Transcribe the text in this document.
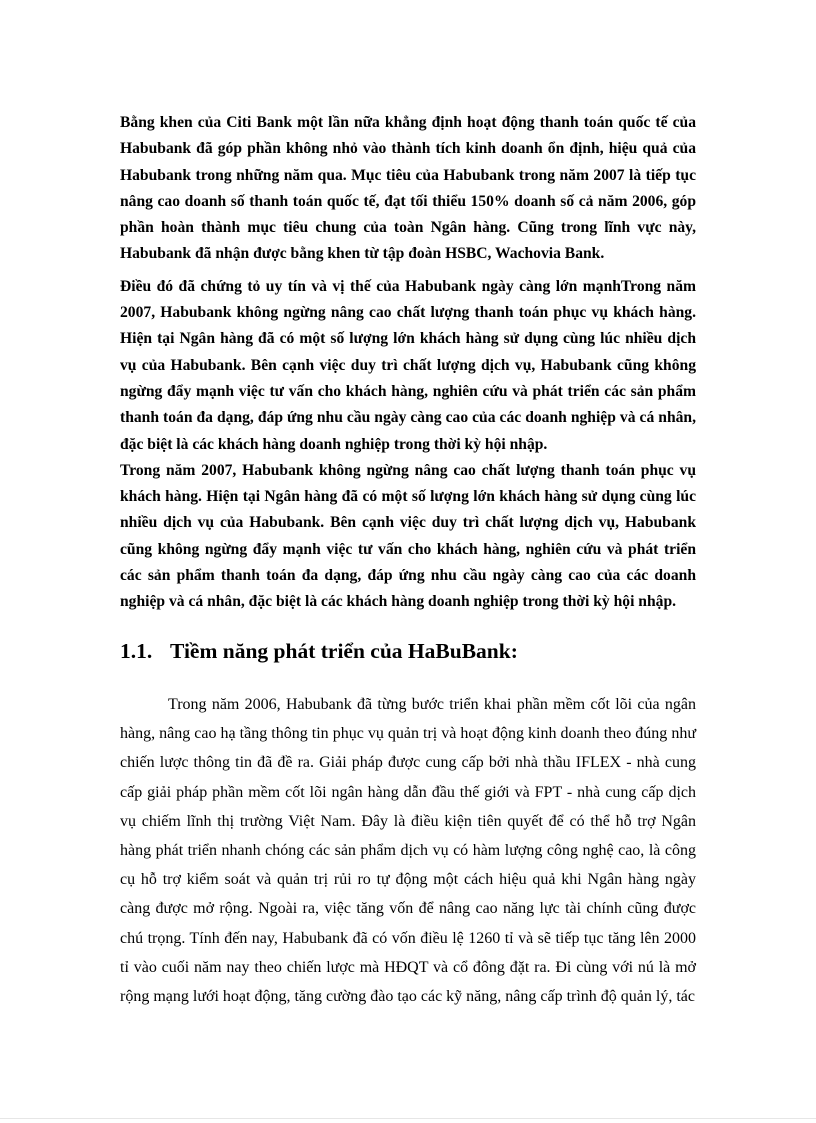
Bằng khen của Citi Bank một lần nữa khẳng định hoạt động thanh toán quốc tế của Habubank đã góp phần không nhỏ vào thành tích kinh doanh ổn định, hiệu quả của Habubank trong những năm qua. Mục tiêu của Habubank trong năm 2007 là tiếp tục nâng cao doanh số thanh toán quốc tế, đạt tối thiểu 150% doanh số cả năm 2006, góp phần hoàn thành mục tiêu chung của toàn Ngân hàng. Cũng trong lĩnh vực này, Habubank đã nhận được bằng khen từ tập đoàn HSBC, Wachovia Bank.

Điều đó đã chứng tỏ uy tín và vị thế của Habubank ngày càng lớn mạnhTrong năm 2007, Habubank không ngừng nâng cao chất lượng thanh toán phục vụ khách hàng. Hiện tại Ngân hàng đã có một số lượng lớn khách hàng sử dụng cùng lúc nhiều dịch vụ của Habubank. Bên cạnh việc duy trì chất lượng dịch vụ, Habubank cũng không ngừng đẩy mạnh việc tư vấn cho khách hàng, nghiên cứu và phát triển các sản phẩm thanh toán đa dạng, đáp ứng nhu cầu ngày càng cao của các doanh nghiệp và cá nhân, đặc biệt là các khách hàng doanh nghiệp trong thời kỳ hội nhập.

Trong năm 2007, Habubank không ngừng nâng cao chất lượng thanh toán phục vụ khách hàng. Hiện tại Ngân hàng đã có một số lượng lớn khách hàng sử dụng cùng lúc nhiều dịch vụ của Habubank. Bên cạnh việc duy trì chất lượng dịch vụ, Habubank cũng không ngừng đẩy mạnh việc tư vấn cho khách hàng, nghiên cứu và phát triển các sản phẩm thanh toán đa dạng, đáp ứng nhu cầu ngày càng cao của các doanh nghiệp và cá nhân, đặc biệt là các khách hàng doanh nghiệp trong thời kỳ hội nhập.

1.1. Tiềm năng phát triển của HaBuBank:

Trong năm 2006, Habubank đã từng bước triển khai phần mềm cốt lõi của ngân hàng, nâng cao hạ tầng thông tin phục vụ quản trị và hoạt động kinh doanh theo đúng như chiến lược thông tin đã đề ra. Giải pháp được cung cấp bởi nhà thầu IFLEX - nhà cung cấp giải pháp phần mềm cốt lõi ngân hàng dẫn đầu thế giới và FPT - nhà cung cấp dịch vụ chiếm lĩnh thị trường Việt Nam. Đây là điều kiện tiên quyết để có thể hỗ trợ Ngân hàng phát triển nhanh chóng các sản phẩm dịch vụ có hàm lượng công nghệ cao, là công cụ hỗ trợ kiểm soát và quản trị rủi ro tự động một cách hiệu quả khi Ngân hàng ngày càng được mở rộng. Ngoài ra, việc tăng vốn để nâng cao năng lực tài chính cũng được chú trọng. Tính đến nay, Habubank đã có vốn điều lệ 1260 tỉ và sẽ tiếp tục tăng lên 2000 tỉ vào cuối năm nay theo chiến lược mà HĐQT và cổ đông đặt ra. Đi cùng với nú là mở rộng mạng lưới hoạt động, tăng cường đào tạo các kỹ năng, nâng cấp trình độ quản lý, tác
